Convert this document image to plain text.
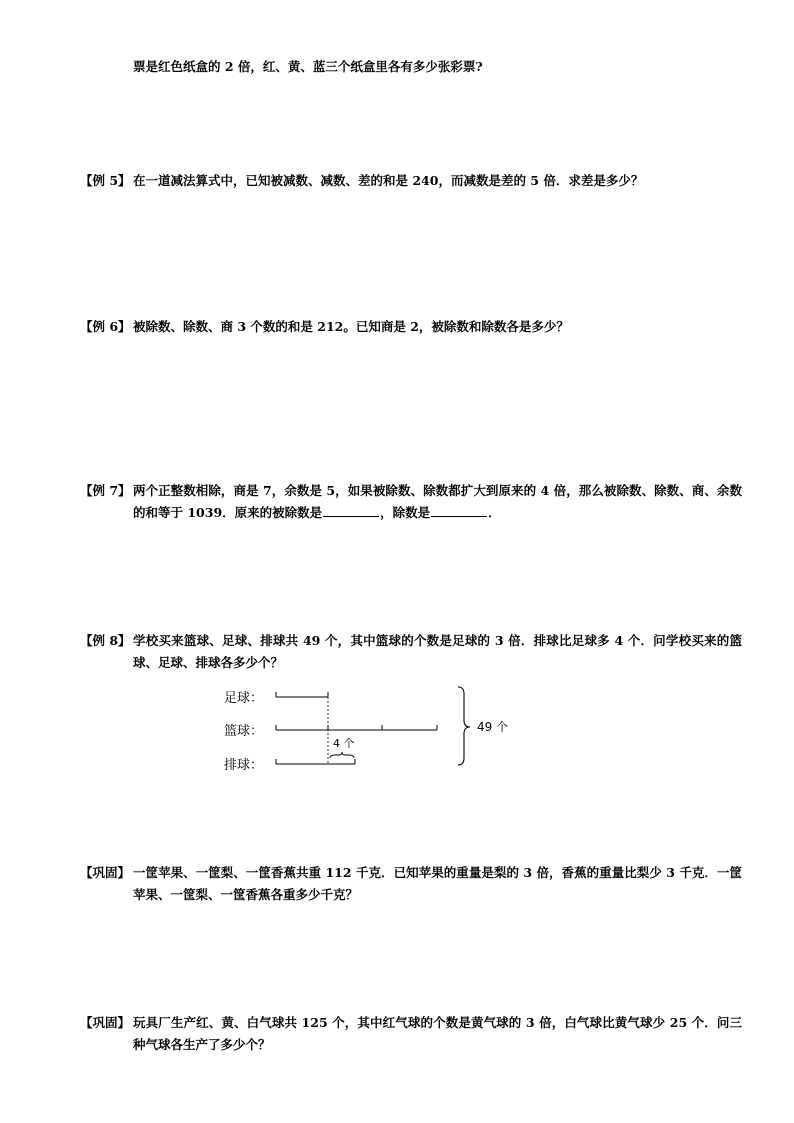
票是红色纸盒的 2 倍，红、黄、蓝三个纸盒里各有多少张彩票?
【例 5】 在一道减法算式中，已知被减数、减数、差的和是 240，而减数是差的 5 倍．求差是多少？
【例 6】 被除数、除数、商 3 个数的和是 212。已知商是 2，被除数和除数各是多少？
【例 7】 两个正整数相除，商是 7，余数是 5，如果被除数、除数都扩大到原来的 4 倍，那么被除数、除数、商、余数的和等于 1039．原来的被除数是	，除数是	．
【例 8】 学校买来篮球、足球、排球共 49 个，其中篮球的个数是足球的 3 倍．排球比足球多 4 个．问学校买来的篮球、足球、排球各多少个？
足球：
篮球：
排球：
4 个
49 个
【巩固】 一筐苹果、一筐梨、一筐香蕉共重 112 千克．已知苹果的重量是梨的 3 倍，香蕉的重量比梨少 3 千克．一筐苹果、一筐梨、一筐香蕉各重多少千克？
【巩固】 玩具厂生产红、黄、白气球共 125 个，其中红气球的个数是黄气球的 3 倍，白气球比黄气球少 25 个．问三种气球各生产了多少个？
